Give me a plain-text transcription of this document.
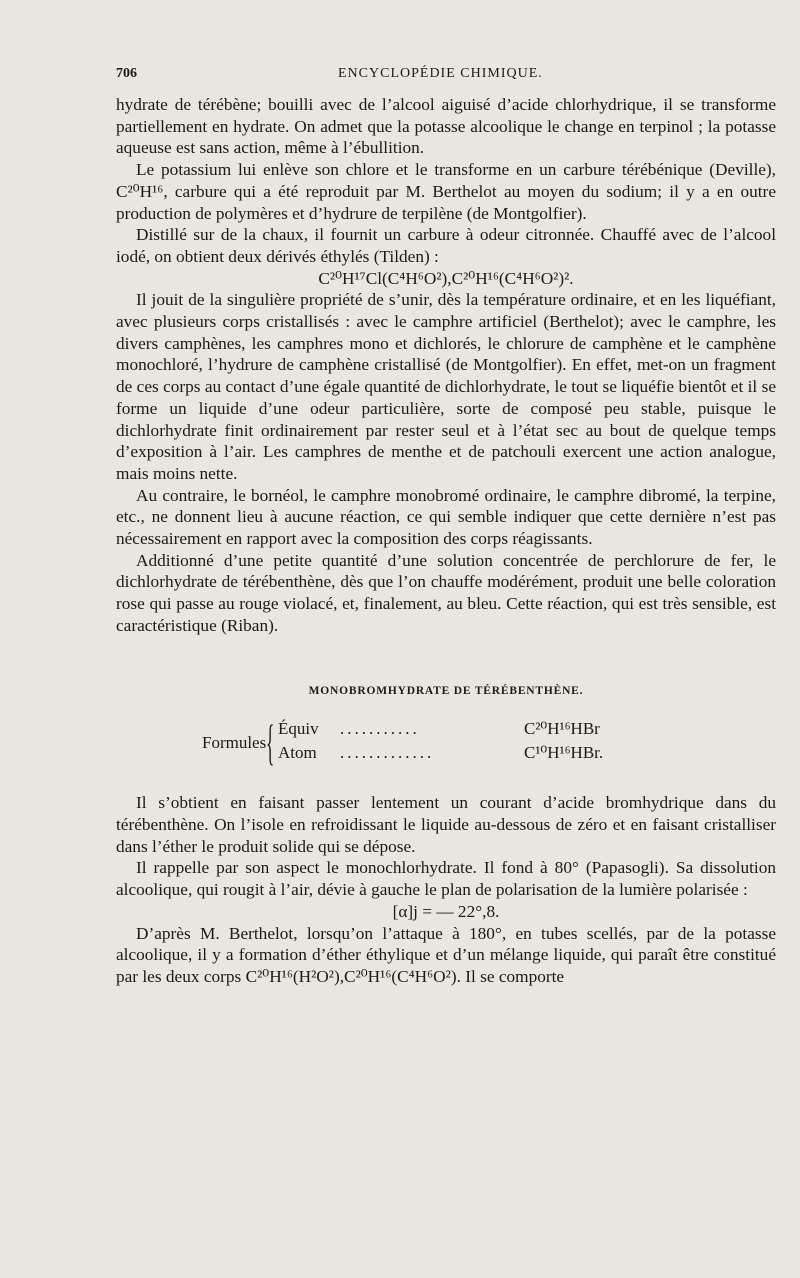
706	ENCYCLOPÉDIE CHIMIQUE.

hydrate de térébène; bouilli avec de l’alcool aiguisé d’acide chlorhydrique, il se transforme partiellement en hydrate. On admet que la potasse alcoolique le change en terpinol ; la potasse aqueuse est sans action, même à l’ébullition.

Le potassium lui enlève son chlore et le transforme en un carbure térébénique (Deville), C²⁰H¹⁶, carbure qui a été reproduit par M. Berthelot au moyen du sodium; il y a en outre production de polymères et d’hydrure de terpilène (de Montgolfier).

Distillé sur de la chaux, il fournit un carbure à odeur citronnée. Chauffé avec de l’alcool iodé, on obtient deux dérivés éthylés (Tilden) :

C²⁰H¹⁷Cl(C⁴H⁶O²),C²⁰H¹⁶(C⁴H⁶O²)².

Il jouit de la singulière propriété de s’unir, dès la température ordinaire, et en les liquéfiant, avec plusieurs corps cristallisés : avec le camphre artificiel (Berthelot); avec le camphre, les divers camphènes, les camphres mono et dichlorés, le chlorure de camphène et le camphène monochloré, l’hydrure de camphène cristallisé (de Montgolfier). En effet, met-on un fragment de ces corps au contact d’une égale quantité de dichlorhydrate, le tout se liquéfie bientôt et il se forme un liquide d’une odeur particulière, sorte de composé peu stable, puisque le dichlorhydrate finit ordinairement par rester seul et à l’état sec au bout de quelque temps d’exposition à l’air. Les camphres de menthe et de patchouli exercent une action analogue, mais moins nette.

Au contraire, le bornéol, le camphre monobromé ordinaire, le camphre dibromé, la terpine, etc., ne donnent lieu à aucune réaction, ce qui semble indiquer que cette dernière n’est pas nécessairement en rapport avec la composition des corps réagissants.

Additionné d’une petite quantité d’une solution concentrée de perchlorure de fer, le dichlorhydrate de térébenthène, dès que l’on chauffe modérément, produit une belle coloration rose qui passe au rouge violacé, et, finalement, au bleu. Cette réaction, qui est très sensible, est caractéristique (Riban).

MONOBROMHYDRATE DE TÉRÉBENTHÈNE.
Formules { Équiv ...........	C²⁰H¹⁶HBr
Atom .............	C¹⁰H¹⁶HBr.

Il s’obtient en faisant passer lentement un courant d’acide bromhydrique dans du térébenthène. On l’isole en refroidissant le liquide au-dessous de zéro et en faisant cristalliser dans l’éther le produit solide qui se dépose.

Il rappelle par son aspect le monochlorhydrate. Il fond à 80° (Papasogli). Sa dissolution alcoolique, qui rougit à l’air, dévie à gauche le plan de polarisation de la lumière polarisée :

[α]j = — 22°,8.

D’après M. Berthelot, lorsqu’on l’attaque à 180°, en tubes scellés, par de la potasse alcoolique, il y a formation d’éther éthylique et d’un mélange liquide, qui paraît être constitué par les deux corps C²⁰H¹⁶(H²O²),C²⁰H¹⁶(C⁴H⁶O²). Il se comporte
